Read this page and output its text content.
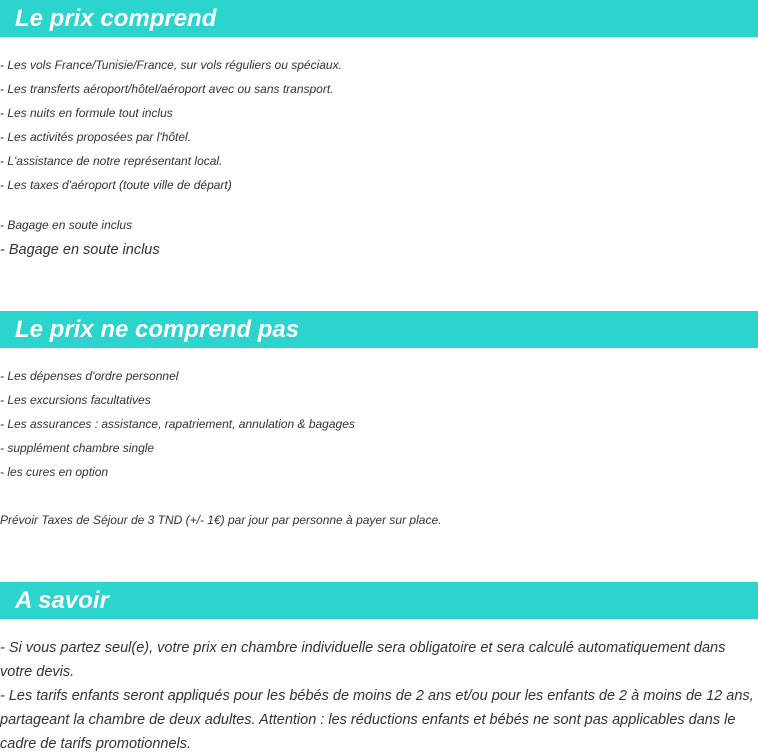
Le prix comprend
- Les vols France/Tunisie/France, sur vols réguliers ou spéciaux.
- Les transferts aéroport/hôtel/aéroport avec ou sans transport.
- Les nuits en formule tout inclus
- Les activités proposées par l'hôtel.
- L'assistance de notre représentant local.
- Les taxes d'aéroport (toute ville de départ)
- Bagage en soute inclus
- Bagage en soute inclus
Le prix ne comprend pas
- Les dépenses d'ordre personnel
- Les excursions facultatives
- Les assurances : assistance, rapatriement, annulation & bagages
- supplément chambre single
- les cures en option
Prévoir Taxes de Séjour de 3 TND (+/- 1€) par jour par personne à payer sur place.
A savoir

- Si vous partez seul(e), votre prix en chambre individuelle sera obligatoire et sera calculé automatiquement dans votre devis.

- Les tarifs enfants seront appliqués pour les bébés de moins de 2 ans et/ou pour les enfants de 2 à moins de 12 ans, partageant la chambre de deux adultes. Attention : les réductions enfants et bébés ne sont pas applicables dans le cadre de tarifs promotionnels.
